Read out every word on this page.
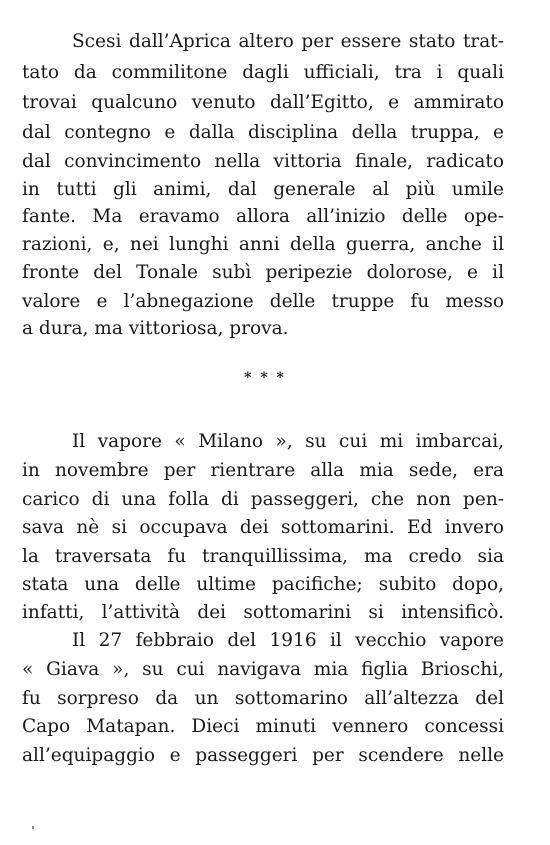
Scesi dall’Aprica altero per essere stato trat-
tato da commilitone dagli ufficiali, tra i quali
trovai qualcuno venuto dall’Egitto, e ammirato
dal contegno e dalla disciplina della truppa, e
dal convincimento nella vittoria finale, radicato
in tutti gli animi, dal generale al più umile
fante. Ma eravamo allora all’inizio delle ope-
razioni, e, nei lunghi anni della guerra, anche il
fronte del Tonale subì peripezie dolorose, e il
valore e l’abnegazione delle truppe fu messo
a dura, ma vittoriosa, prova.
* * *
Il vapore « Milano », su cui mi imbarcai,
in novembre per rientrare alla mia sede, era
carico di una folla di passeggeri, che non pen-
sava nè si occupava dei sottomarini. Ed invero
la traversata fu tranquillissima, ma credo sia
stata una delle ultime pacifiche; subito dopo,
infatti, l’attività dei sottomarini si intensificò.
Il 27 febbraio del 1916 il vecchio vapore
« Giava », su cui navigava mia figlia Brioschi,
fu sorpreso da un sottomarino all’altezza del
Capo Matapan. Dieci minuti vennero concessi
all’equipaggio e passeggeri per scendere nelle
